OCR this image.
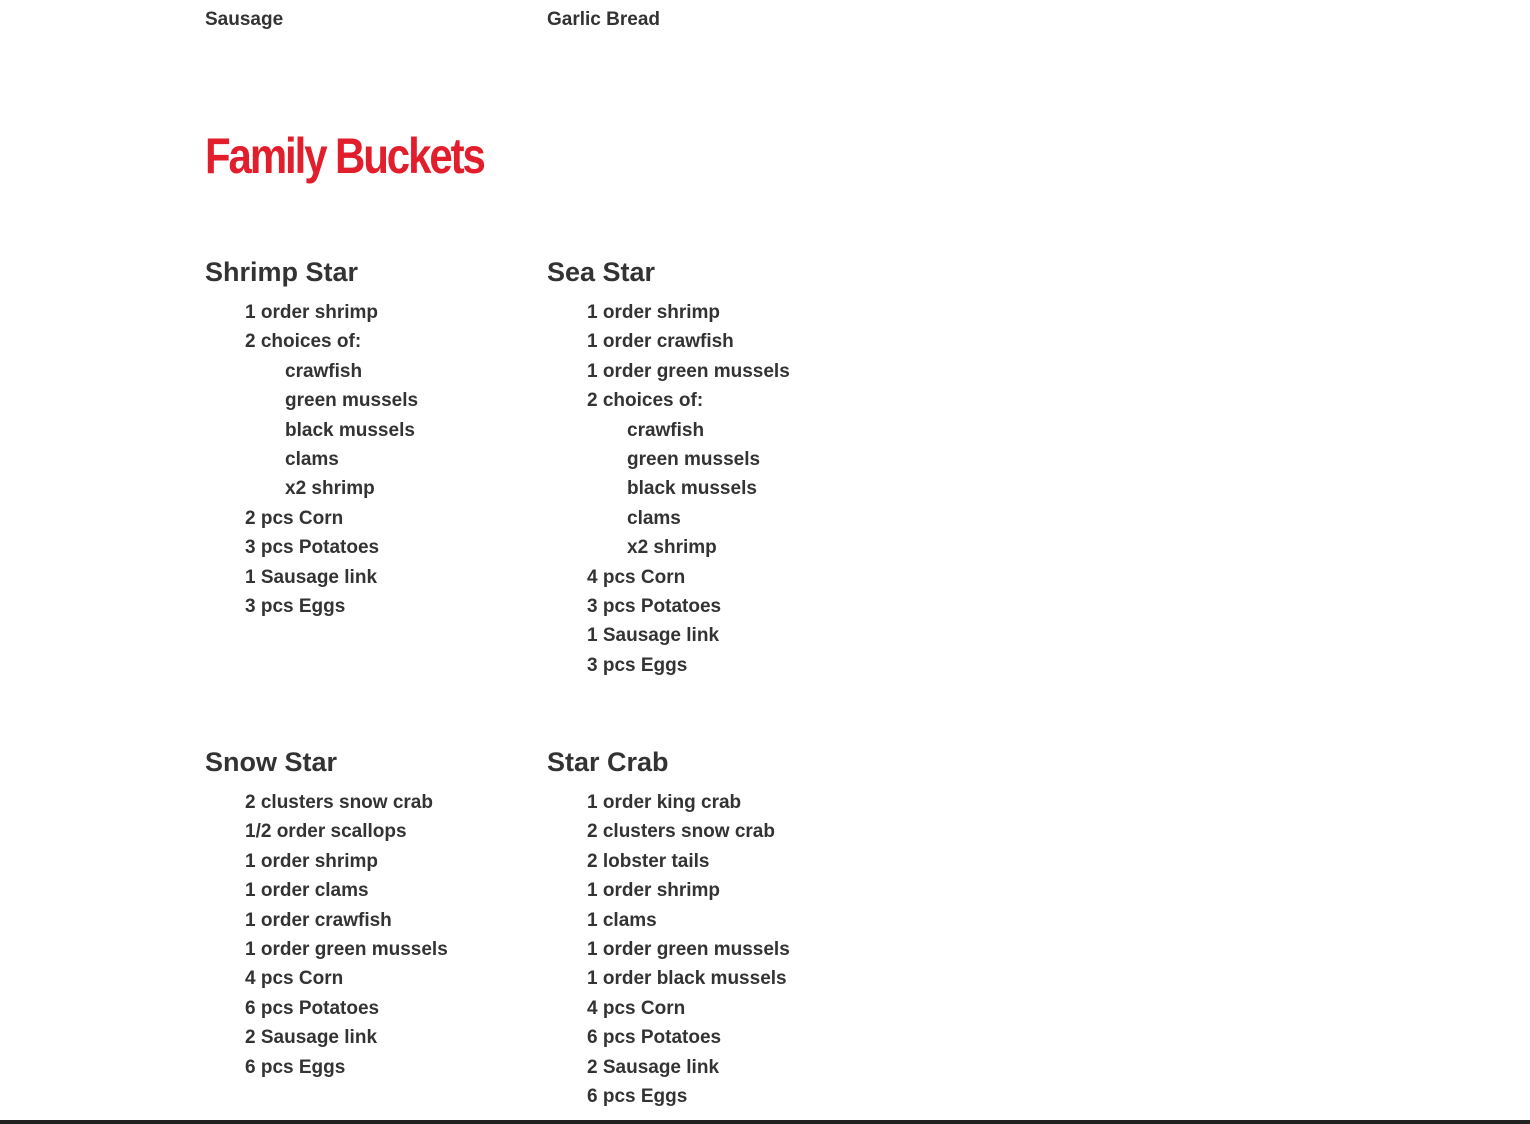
Sausage	Garlic Bread
Family Buckets
Shrimp Star
1 order shrimp
2 choices of:
crawfish
green mussels
black mussels
clams
x2 shrimp
2 pcs Corn
3 pcs Potatoes
1 Sausage link
3 pcs Eggs
Sea Star
1 order shrimp
1 order crawfish
1 order green mussels
2 choices of:
crawfish
green mussels
black mussels
clams
x2 shrimp
4 pcs Corn
3 pcs Potatoes
1 Sausage link
3 pcs Eggs
Snow Star
2 clusters snow crab
1/2 order scallops
1 order shrimp
1 order clams
1 order crawfish
1 order green mussels
4 pcs Corn
6 pcs Potatoes
2 Sausage link
6 pcs Eggs
Star Crab
1 order king crab
2 clusters snow crab
2 lobster tails
1 order shrimp
1 clams
1 order green mussels
1 order black mussels
4 pcs Corn
6 pcs Potatoes
2 Sausage link
6 pcs Eggs
